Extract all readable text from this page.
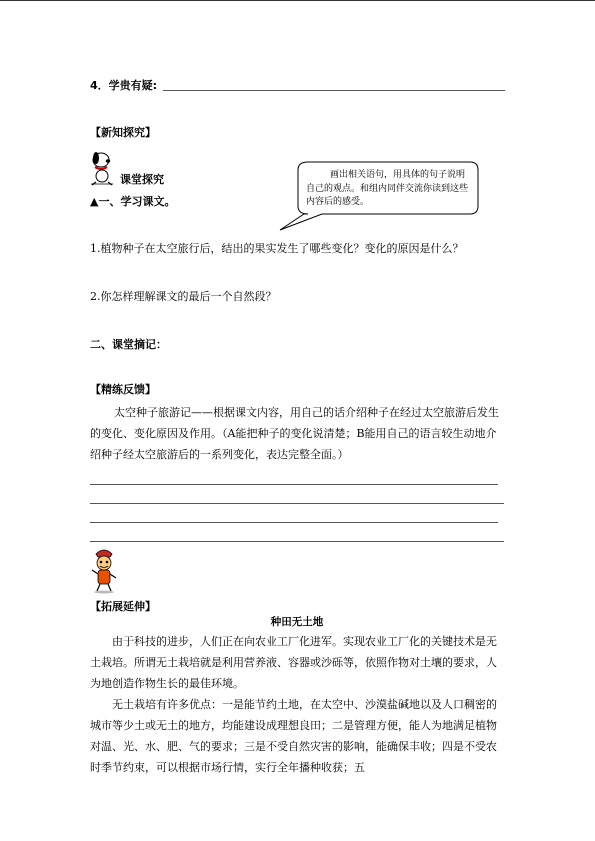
4．学贵有疑:
【新知探究】
课堂探究
▲一、学习课文。
画出相关语句，用具体的句子说明自己的观点。和组内同伴交流你读到这些内容后的感受。
1.植物种子在太空旅行后，结出的果实发生了哪些变化？变化的原因是什么？
2.你怎样理解课文的最后一个自然段？
二、课堂摘记：
【精练反馈】
太空种子旅游记——根据课文内容，用自己的话介绍种子在经过太空旅游后发生的变化、变化原因及作用。（A能把种子的变化说清楚；B能用自己的语言较生动地介绍种子经太空旅游后的一系列变化，表达完整全面。）
【拓展延伸】
种田无土地
由于科技的进步，人们正在向农业工厂化进军。实现农业工厂化的关键技术是无土栽培。所谓无土栽培就是利用营养液、容器或沙砾等，依照作物对土壤的要求，人为地创造作物生长的最佳环境。
无土栽培有许多优点：一是能节约土地，在太空中、沙漠盐碱地以及人口稠密的城市等少土或无土的地方，均能建设成理想良田；二是管理方便，能人为地满足植物对温、光、水、肥、气的要求；三是不受自然灾害的影响，能确保丰收；四是不受农时季节约束，可以根据市场行情，实行全年播种收获；五
